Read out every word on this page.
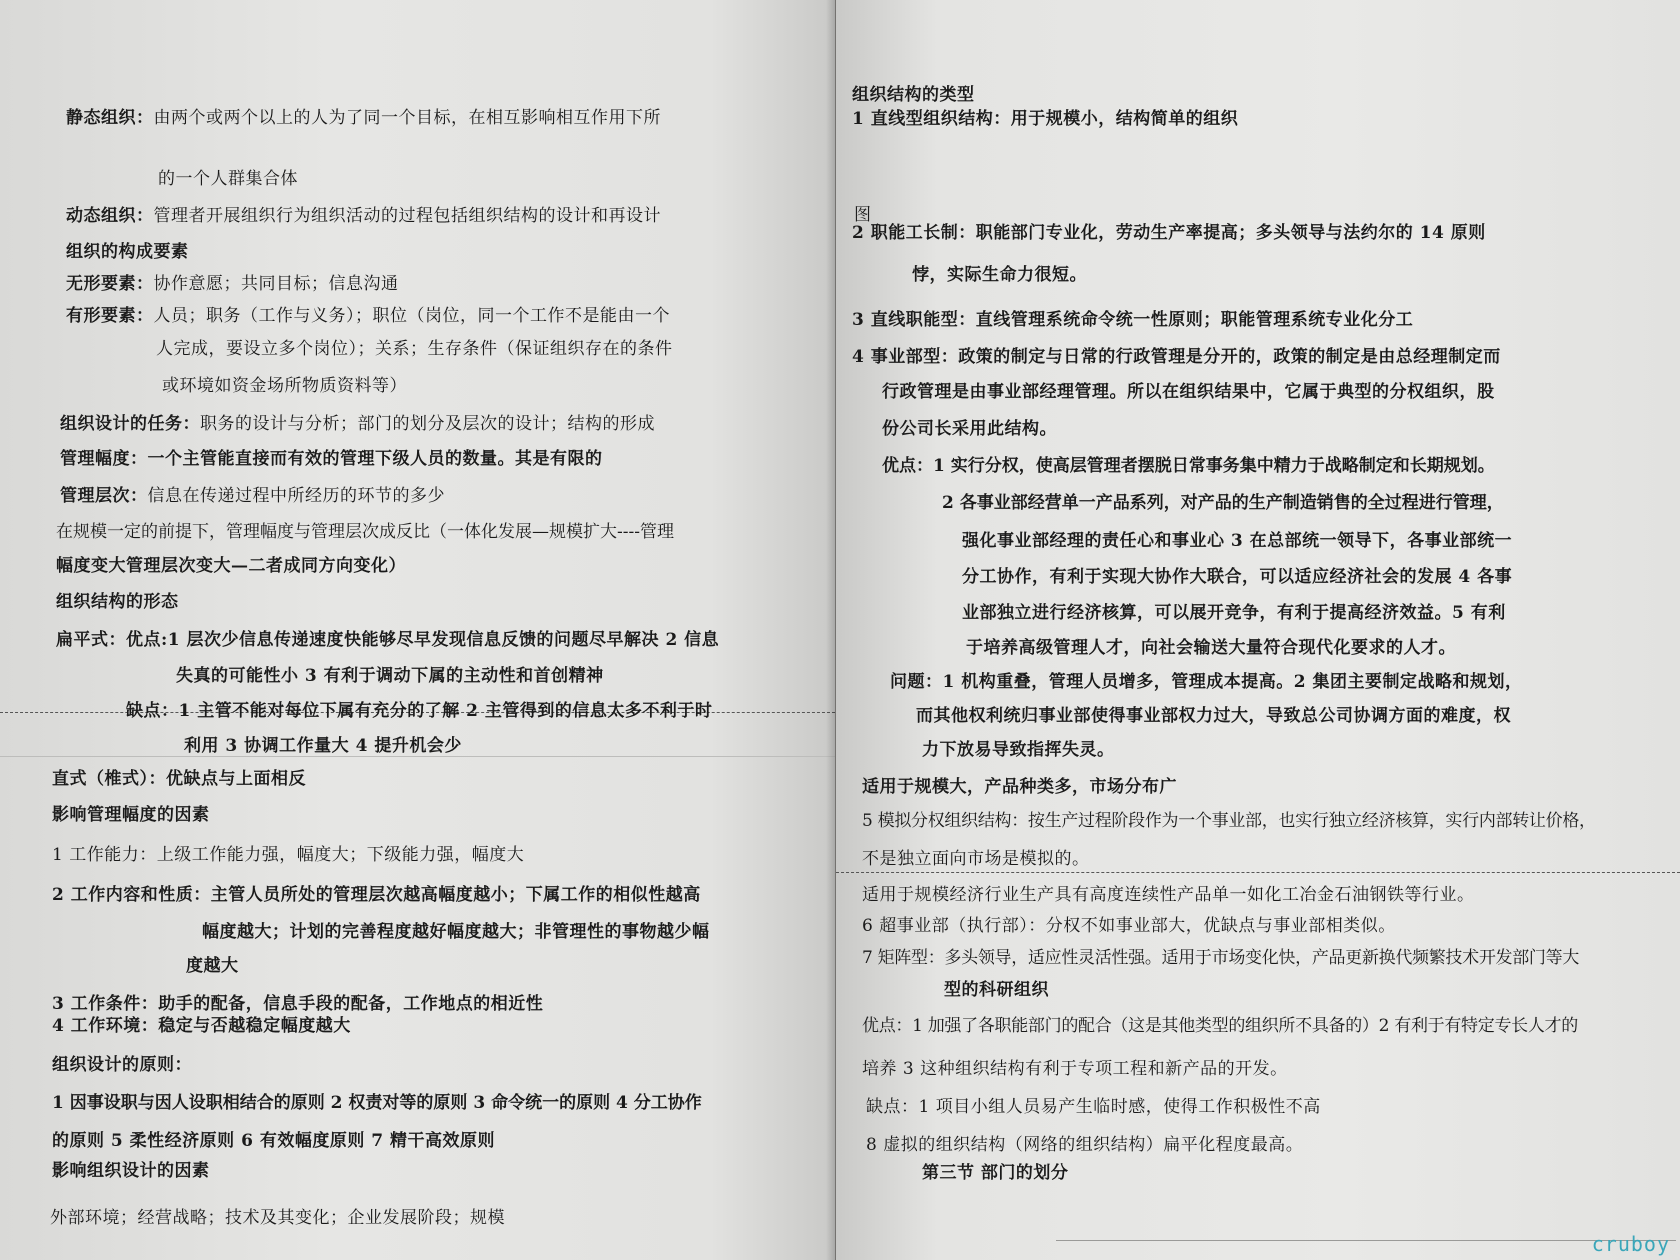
静态组织：由两个或两个以上的人为了同一个目标，在相互影响相互作用下所

的一个人群集合体

动态组织：管理者开展组织行为组织活动的过程包括组织结构的设计和再设计

组织的构成要素

无形要素：协作意愿；共同目标；信息沟通

有形要素：人员；职务（工作与义务）；职位（岗位，同一个工作不是能由一个

人完成，要设立多个岗位）；关系；生存条件（保证组织存在的条件

或环境如资金场所物质资料等）

组织设计的任务：职务的设计与分析；部门的划分及层次的设计；结构的形成

管理幅度：一个主管能直接而有效的管理下级人员的数量。其是有限的

管理层次：信息在传递过程中所经历的环节的多少

在规模一定的前提下，管理幅度与管理层次成反比（一体化发展—规模扩大----管理

幅度变大管理层次变大—二者成同方向变化）

组织结构的形态

扁平式：优点:1 层次少信息传递速度快能够尽早发现信息反馈的问题尽早解决 2 信息

失真的可能性小 3 有利于调动下属的主动性和首创精神

缺点：1 主管不能对每位下属有充分的了解 2 主管得到的信息太多不利于时

利用 3 协调工作量大 4 提升机会少

直式（椎式）：优缺点与上面相反

影响管理幅度的因素

1 工作能力：上级工作能力强，幅度大；下级能力强，幅度大

2 工作内容和性质：主管人员所处的管理层次越高幅度越小；下属工作的相似性越高

幅度越大；计划的完善程度越好幅度越大；非管理性的事物越少幅

度越大

3 工作条件：助手的配备，信息手段的配备，工作地点的相近性

4 工作环境：稳定与否越稳定幅度越大

组织设计的原则：

1 因事设职与因人设职相结合的原则 2 权责对等的原则 3 命令统一的原则 4 分工协作

的原则 5 柔性经济原则 6 有效幅度原则 7 精干高效原则

影响组织设计的因素

外部环境；经营战略；技术及其变化；企业发展阶段；规模

组织结构的类型

1 直线型组织结构：用于规模小，结构简单的组织

图

2 职能工长制：职能部门专业化，劳动生产率提高；多头领导与法约尔的 14 原则

悖，实际生命力很短。

3 直线职能型：直线管理系统命令统一性原则；职能管理系统专业化分工

4 事业部型：政策的制定与日常的行政管理是分开的，政策的制定是由总经理制定而

行政管理是由事业部经理管理。所以在组织结果中，它属于典型的分权组织，股

份公司长采用此结构。

优点：1 实行分权，使高层管理者摆脱日常事务集中精力于战略制定和长期规划。

2 各事业部经营单一产品系列，对产品的生产制造销售的全过程进行管理，

强化事业部经理的责任心和事业心 3 在总部统一领导下，各事业部统一

分工协作，有利于实现大协作大联合，可以适应经济社会的发展 4 各事

业部独立进行经济核算，可以展开竞争，有利于提高经济效益。5 有利

于培养高级管理人才，向社会输送大量符合现代化要求的人才。

问题：1 机构重叠，管理人员增多，管理成本提高。2 集团主要制定战略和规划，

而其他权利统归事业部使得事业部权力过大，导致总公司协调方面的难度，权

力下放易导致指挥失灵。

适用于规模大，产品种类多，市场分布广

5 模拟分权组织结构：按生产过程阶段作为一个事业部，也实行独立经济核算，实行内部转让价格，

不是独立面向市场是模拟的。

适用于规模经济行业生产具有高度连续性产品单一如化工冶金石油钢铁等行业。

6 超事业部（执行部）：分权不如事业部大，优缺点与事业部相类似。

7 矩阵型：多头领导，适应性灵活性强。适用于市场变化快，产品更新换代频繁技术开发部门等大

型的科研组织

优点：1 加强了各职能部门的配合（这是其他类型的组织所不具备的）2 有利于有特定专长人才的

培养 3 这种组织结构有利于专项工程和新产品的开发。

缺点：1 项目小组人员易产生临时感，使得工作积极性不高

8 虚拟的组织结构（网络的组织结构）扁平化程度最高。

第三节 部门的划分

cruboy
